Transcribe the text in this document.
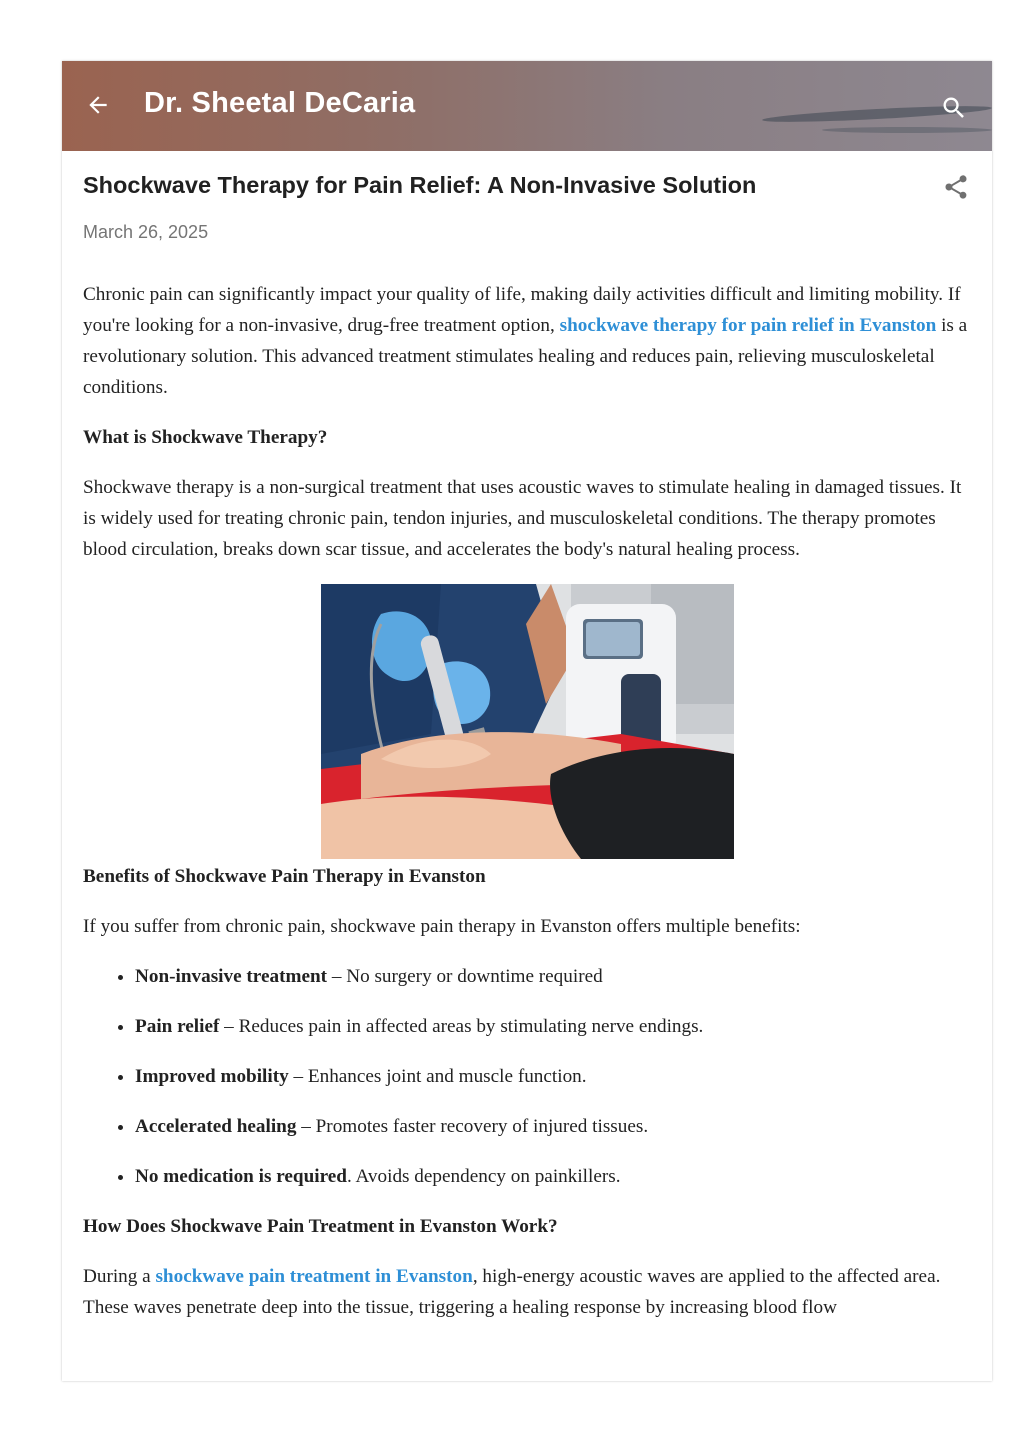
Dr. Sheetal DeCaria
Shockwave Therapy for Pain Relief: A Non-Invasive Solution
March 26, 2025

Chronic pain can significantly impact your quality of life, making daily activities difficult and limiting mobility. If you're looking for a non-invasive, drug-free treatment option, shockwave therapy for pain relief in Evanston is a revolutionary solution. This advanced treatment stimulates healing and reduces pain, relieving musculoskeletal conditions.

What is Shockwave Therapy?

Shockwave therapy is a non-surgical treatment that uses acoustic waves to stimulate healing in damaged tissues. It is widely used for treating chronic pain, tendon injuries, and musculoskeletal conditions. The therapy promotes blood circulation, breaks down scar tissue, and accelerates the body's natural healing process.

Benefits of Shockwave Pain Therapy in Evanston

If you suffer from chronic pain, shockwave pain therapy in Evanston offers multiple benefits:

• Non-invasive treatment – No surgery or downtime required
• Pain relief – Reduces pain in affected areas by stimulating nerve endings.
• Improved mobility – Enhances joint and muscle function.
• Accelerated healing – Promotes faster recovery of injured tissues.
• No medication is required. Avoids dependency on painkillers.
How Does Shockwave Pain Treatment in Evanston Work?

During a shockwave pain treatment in Evanston, high-energy acoustic waves are applied to the affected area. These waves penetrate deep into the tissue, triggering a healing response by increasing blood flow
